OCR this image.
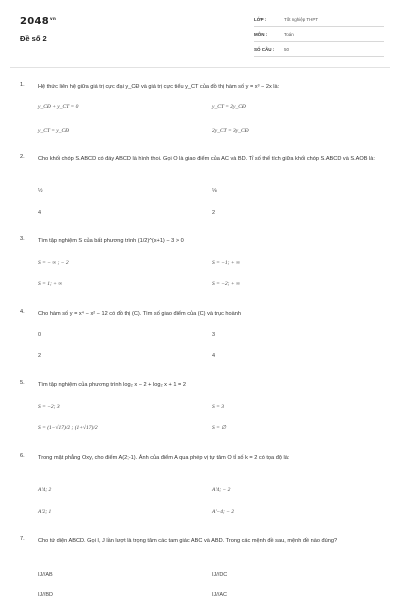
$2048^{vn}$
Đề số 2
LỚP :	Tốt nghiệp THPT
MÔN :	Toán
SỐ CÂU : 50
1. Hệ thức liên hệ giữa giá trị cực đại y_CĐ và giá trị cực tiểu y_CT của đồ thị hàm số y = x³ − 2x là:
y_CĐ + y_CT = 0	y_CT = 2y_CĐ
y_CT = y_CĐ	2y_CT = 3y_CĐ
2. Cho khối chóp S.ABCD có đáy ABCD là hình thoi. Gọi O là giao điểm của AC và BD. Tỉ số thể tích giữa khối chóp S.ABCD và S.AOB là:
½	⅛
4	2
3. Tìm tập nghiệm S của bất phương trình (1/2)^(x+1) − 3 > 0
S = − ∞ ; − 2	S = −1; + ∞
S = 1; + ∞	S = −2; + ∞
4. Cho hàm số y = x⁴ − x² − 12 có đồ thị (C). Tìm số giao điểm của (C) và trục hoành
0	3
2	4
5. Tìm tập nghiệm của phương trình log₂ x − 2 + log₂ x + 1 = 2
S = −2; 3	S = 3
S = (1−√17)/2 ; (1+√17)/2	S = ∅
6. Trong mặt phẳng Oxy, cho điểm A(2;-1). Ảnh của điểm A qua phép vị tự tâm O tỉ số k = 2 có tọa độ là:
A'4; 2	A'4; − 2
A'2; 1	A'−4; − 2
7. Cho tứ diện ABCD. Gọi I, J lần lượt là trọng tâm các tam giác ABC và ABD. Trong các mệnh đề sau, mệnh đề nào đúng?
IJ//AB	IJ//DC
IJ//BD	IJ//AC
